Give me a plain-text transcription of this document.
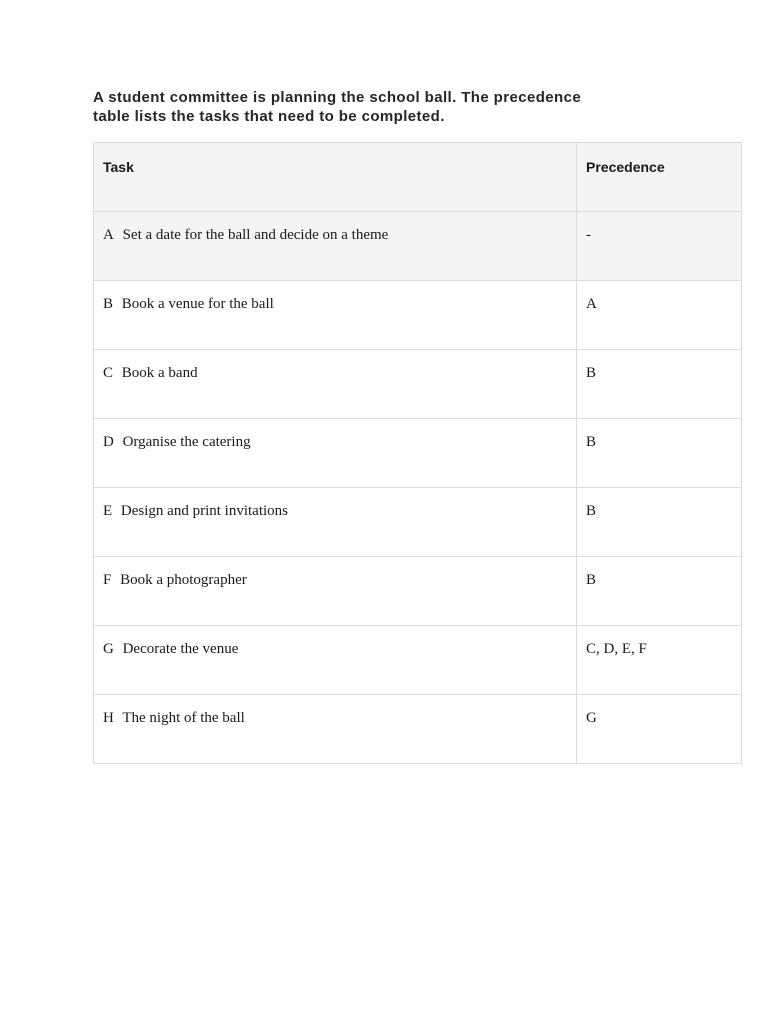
A student committee is planning the school ball. The precedence
table lists the tasks that need to be completed.
Task	Precedence
A Set a date for the ball and decide on a theme	-
B Book a venue for the ball	A
C Book a band	B
D Organise the catering	B
E Design and print invitations	B
F Book a photographer	B
G Decorate the venue	C, D, E, F
H The night of the ball	G
